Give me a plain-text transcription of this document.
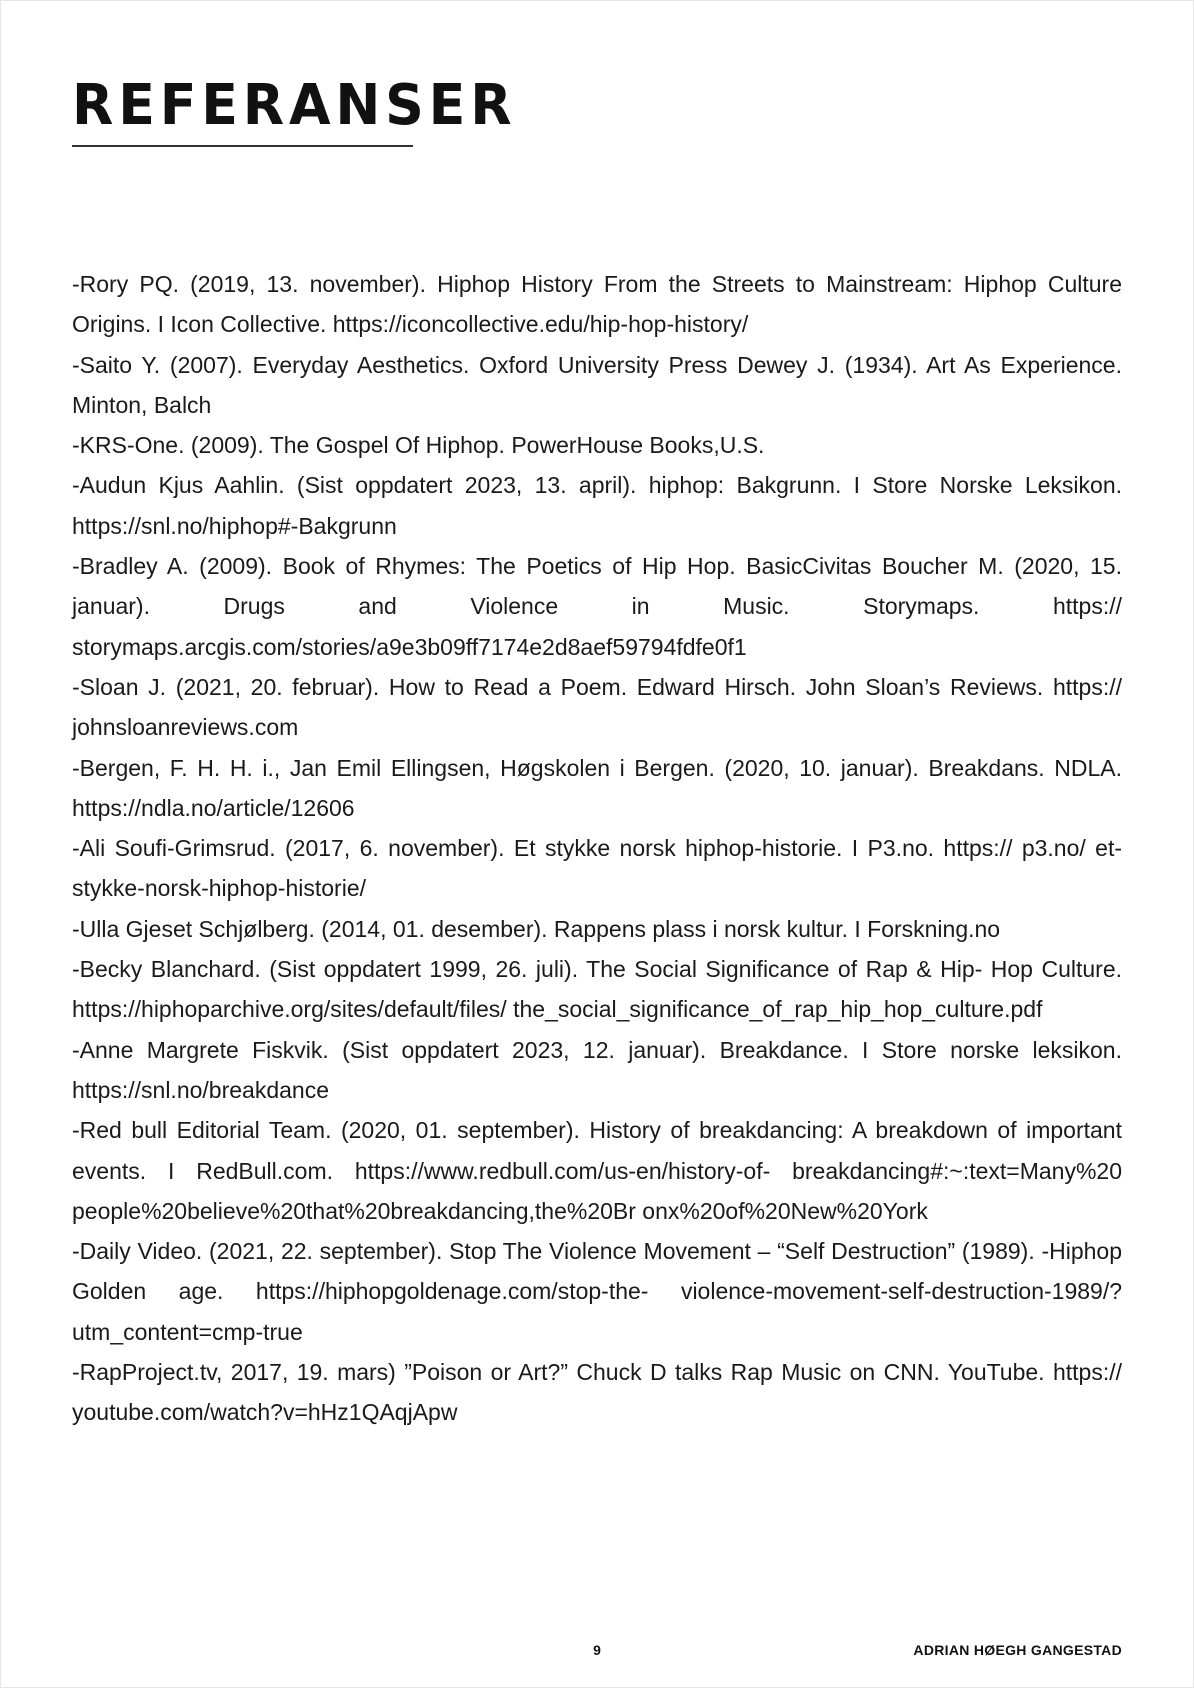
REFERANSER
-Rory PQ. (2019, 13. november). Hiphop History From the Streets to Mainstream: Hiphop Culture Origins. I Icon Collective. https://iconcollective.edu/hip-hop-history/
-Saito Y. (2007). Everyday Aesthetics. Oxford University Press Dewey J. (1934). Art As Experience. Minton, Balch
-KRS-One. (2009). The Gospel Of Hiphop. PowerHouse Books,U.S.
-Audun Kjus Aahlin. (Sist oppdatert 2023, 13. april). hiphop: Bakgrunn. I Store Norske Leksikon. https://snl.no/hiphop#-Bakgrunn
-Bradley A. (2009). Book of Rhymes: The Poetics of Hip Hop. BasicCivitas Boucher M. (2020, 15. januar). Drugs and Violence in Music. Storymaps. https:// storymaps.arcgis.com/stories/a9e3b09ff7174e2d8aef59794fdfe0f1
-Sloan J. (2021, 20. februar). How to Read a Poem. Edward Hirsch. John Sloan’s Reviews. https:// johnsloanreviews.com
-Bergen, F. H. H. i., Jan Emil Ellingsen, Høgskolen i Bergen. (2020, 10. januar). Breakdans. NDLA. https://ndla.no/article/12606
-Ali Soufi-Grimsrud. (2017, 6. november). Et stykke norsk hiphop-historie. I P3.no. https:// p3.no/ et-stykke-norsk-hiphop-historie/
-Ulla Gjeset Schjølberg. (2014, 01. desember). Rappens plass i norsk kultur. I Forskning.no
-Becky Blanchard. (Sist oppdatert 1999, 26. juli). The Social Significance of Rap & Hip- Hop Culture. https://hiphoparchive.org/sites/default/files/ the_social_significance_of_rap_hip_hop_culture.pdf
-Anne Margrete Fiskvik. (Sist oppdatert 2023, 12. januar). Breakdance. I Store norske leksikon. https://snl.no/breakdance
-Red bull Editorial Team. (2020, 01. september). History of breakdancing: A breakdown of important events. I RedBull.com. https://www.redbull.com/us-en/history-of- breakdancing#:~:text=Many%20 people%20believe%20that%20breakdancing,the%20Br onx%20of%20New%20York
-Daily Video. (2021, 22. september). Stop The Violence Movement – “Self Destruction” (1989). -Hiphop Golden age. https://hiphopgoldenage.com/stop-the- violence-movement-self-destruction-1989/?utm_content=cmp-true
-RapProject.tv, 2017, 19. mars) ”Poison or Art?” Chuck D talks Rap Music on CNN. YouTube. https:// youtube.com/watch?v=hHz1QAqjApw
9	ADRIAN HØEGH GANGESTAD
